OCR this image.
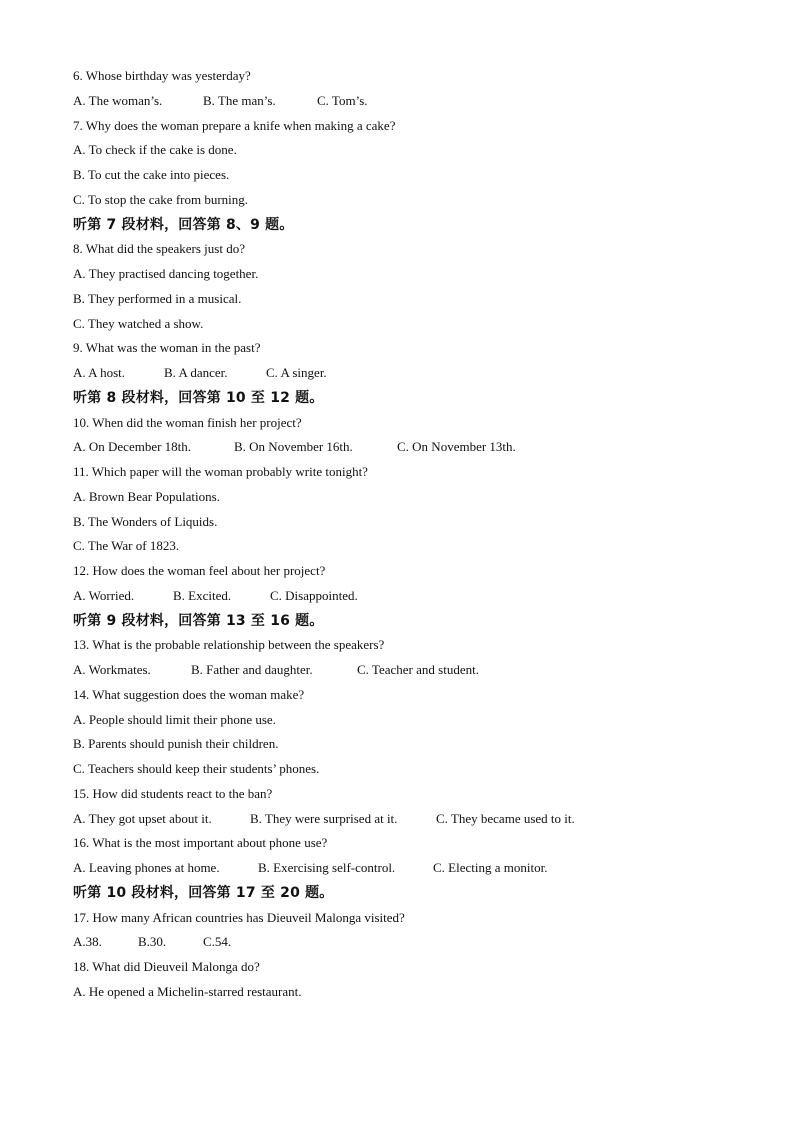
6. Whose birthday was yesterday?
A. The woman’s.	B. The man’s.	C. Tom’s.
7. Why does the woman prepare a knife when making a cake?
A. To check if the cake is done.
B. To cut the cake into pieces.
C. To stop the cake from burning.
听第 7 段材料，回答第 8、9 题。
8. What did the speakers just do?
A. They practised dancing together.
B. They performed in a musical.
C. They watched a show.
9. What was the woman in the past?
A. A host.	B. A dancer.	C. A singer.
听第 8 段材料，回答第 10 至 12 题。
10. When did the woman finish her project?
A. On December 18th.	B. On November 16th.	C. On November 13th.
11. Which paper will the woman probably write tonight?
A. Brown Bear Populations.
B. The Wonders of Liquids.
C. The War of 1823.
12. How does the woman feel about her project?
A. Worried.	B. Excited.	C. Disappointed.
听第 9 段材料，回答第 13 至 16 题。
13. What is the probable relationship between the speakers?
A. Workmates.	B. Father and daughter.	C. Teacher and student.
14. What suggestion does the woman make?
A. People should limit their phone use.
B. Parents should punish their children.
C. Teachers should keep their students’ phones.
15. How did students react to the ban?
A. They got upset about it.	B. They were surprised at it.	C. They became used to it.
16. What is the most important about phone use?
A. Leaving phones at home.	B. Exercising self-control.	C. Electing a monitor.
听第 10 段材料，回答第 17 至 20 题。
17. How many African countries has Dieuveil Malonga visited?
A.38.	B.30.	C.54.
18. What did Dieuveil Malonga do?
A. He opened a Michelin-starred restaurant.
